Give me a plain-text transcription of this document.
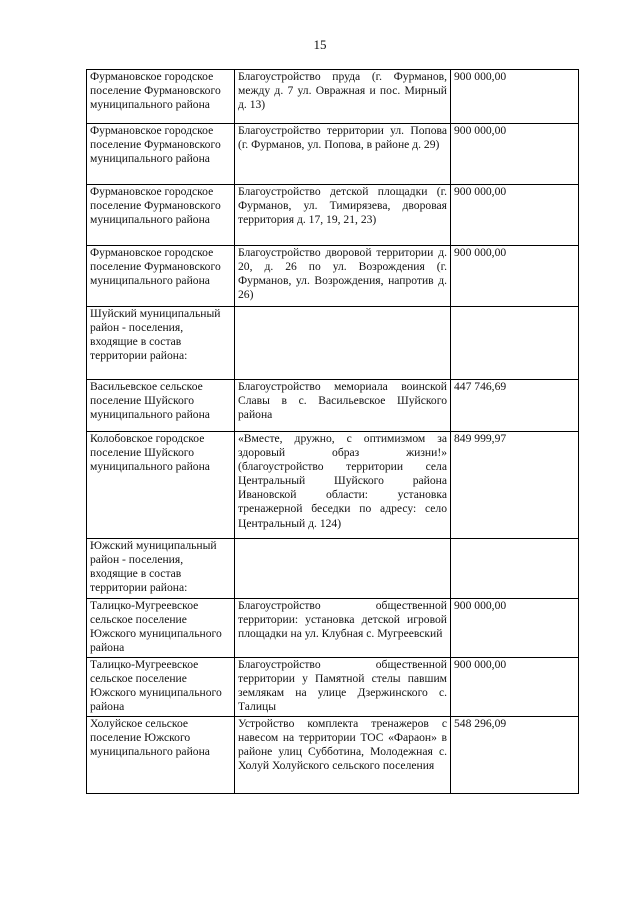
15
Фурмановское городское поселение Фурмановского муниципального района	Благоустройство пруда (г. Фурманов, между д. 7 ул. Овражная и пос. Мирный д. 13)	900 000,00
Фурмановское городское поселение Фурмановского муниципального района	Благоустройство территории ул. Попова (г. Фурманов, ул. Попова, в районе д. 29)	900 000,00
Фурмановское городское поселение Фурмановского муниципального района	Благоустройство детской площадки (г. Фурманов, ул. Тимирязева, дворовая территория д. 17, 19, 21, 23)	900 000,00
Фурмановское городское поселение Фурмановского муниципального района	Благоустройство дворовой территории д. 20, д. 26 по ул. Возрождения (г. Фурманов, ул. Возрождения, напротив д. 26)	900 000,00
Шуйский муниципальный район - поселения, входящие в состав территории района:		
Васильевское сельское поселение Шуйского муниципального района	Благоустройство мемориала воинской Славы в с. Васильевское Шуйского района	447 746,69
Колобовское городское поселение Шуйского муниципального района	«Вместе, дружно, с оптимизмом за здоровый образ жизни!» (благоустройство территории села Центральный Шуйского района Ивановской области: установка тренажерной беседки по адресу: село Центральный д. 124)	849 999,97
Южский муниципальный район - поселения, входящие в состав территории района:		
Талицко-Мугреевское сельское поселение Южского муниципального района	Благоустройство общественной территории: установка детской игровой площадки на ул. Клубная с. Мугреевский	900 000,00
Талицко-Мугреевское сельское поселение Южского муниципального района	Благоустройство общественной территории у Памятной стелы павшим землякам на улице Дзержинского с. Талицы	900 000,00
Холуйское сельское поселение Южского муниципального района	Устройство комплекта тренажеров с навесом на территории ТОС «Фараон» в районе улиц Субботина, Молодежная с. Холуй Холуйского сельского поселения	548 296,09
